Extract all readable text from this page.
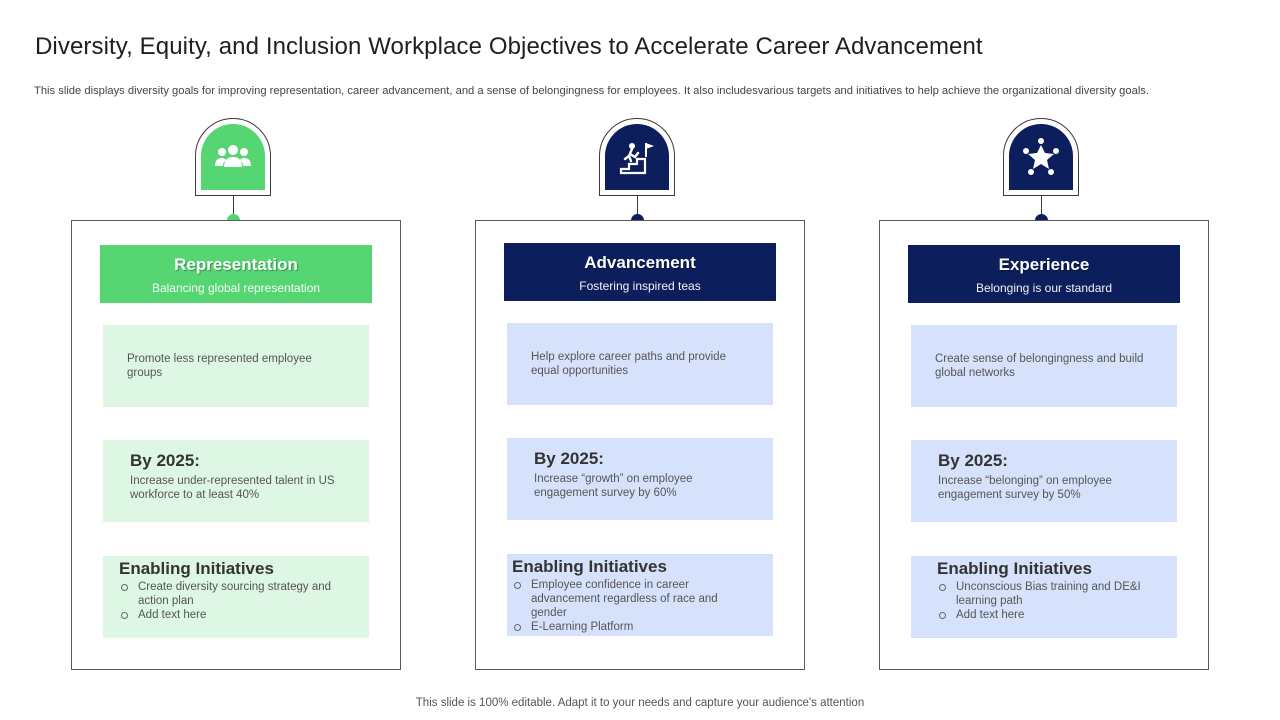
Diversity, Equity, and Inclusion Workplace Objectives to Accelerate Career Advancement

This slide displays diversity goals for improving representation, career advancement, and a sense of belongingness for employees. It also includesvarious targets and initiatives to help achieve the organizational diversity goals.

Representation
Balancing global representation
Promote less represented employee groups
By 2025:
Increase under-represented talent in US workforce to at least 40%
Enabling Initiatives
Create diversity sourcing strategy and action plan
Add text here
Advancement
Fostering inspired teas
Help explore career paths and provide equal opportunities
By 2025:
Increase “growth” on employee engagement survey by 60%
Enabling Initiatives
Employee confidence in career advancement regardless of race and gender
E-Learning Platform
Experience
Belonging is our standard
Create sense of belongingness and build global networks
By 2025:
Increase “belonging” on employee engagement survey by 50%
Enabling Initiatives
Unconscious Bias training and DE&I learning path
Add text here
This slide is 100% editable. Adapt it to your needs and capture your audience's attention
